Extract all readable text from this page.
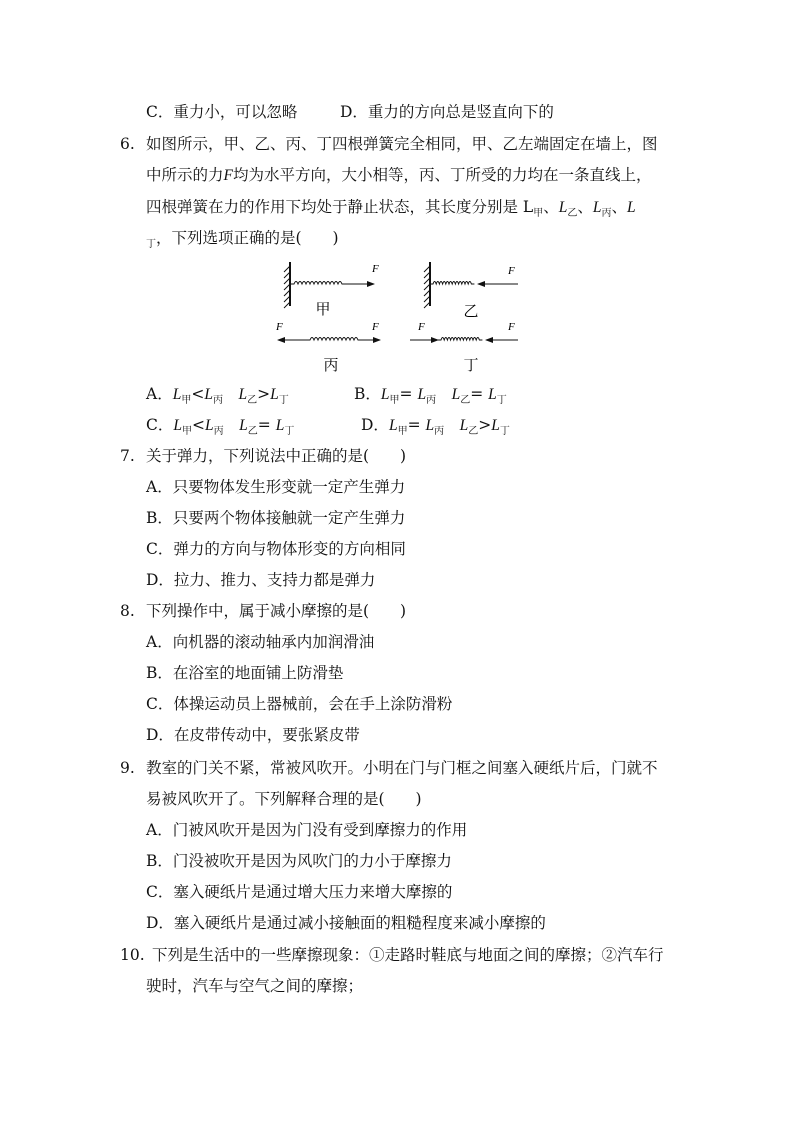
C．重力小，可以忽略	D．重力的方向总是竖直向下的
6. 如图所示，甲、乙、丙、丁四根弹簧完全相同，甲、乙左端固定在墙上，图
中所示的力F均为水平方向，大小相等，丙、丁所受的力均在一条直线上，
四根弹簧在力的作用下均处于静止状态，其长度分别是 $L_甲$、$L_乙$、$L_丙$、L
$_丁$，下列选项正确的是(　　)
F
甲
F
乙
F	F
丙
F	F
丁
A．$L_甲<L_丙$　 $L_乙>L_丁$	B．$L_甲= L_丙$　 $L_乙= L_丁$
C．$L_甲<L_丙$　 $L_乙= L_丁$	D．$L_甲= L_丙$　 $L_乙>L_丁$
7. 关于弹力，下列说法中正确的是(　　)
A．只要物体发生形变就一定产生弹力
B．只要两个物体接触就一定产生弹力
C．弹力的方向与物体形变的方向相同
D．拉力、推力、支持力都是弹力
8. 下列操作中，属于减小摩擦的是(　　)
A．向机器的滚动轴承内加润滑油
B．在浴室的地面铺上防滑垫
C．体操运动员上器械前，会在手上涂防滑粉
D．在皮带传动中，要张紧皮带
9. 教室的门关不紧，常被风吹开。小明在门与门框之间塞入硬纸片后，门就不
易被风吹开了。下列解释合理的是(　　)
A．门被风吹开是因为门没有受到摩擦力的作用
B．门没被吹开是因为风吹门的力小于摩擦力
C．塞入硬纸片是通过增大压力来增大摩擦的
D．塞入硬纸片是通过减小接触面的粗糙程度来减小摩擦的
10. 下列是生活中的一些摩擦现象：①走路时鞋底与地面之间的摩擦；②汽车行
驶时，汽车与空气之间的摩擦；
